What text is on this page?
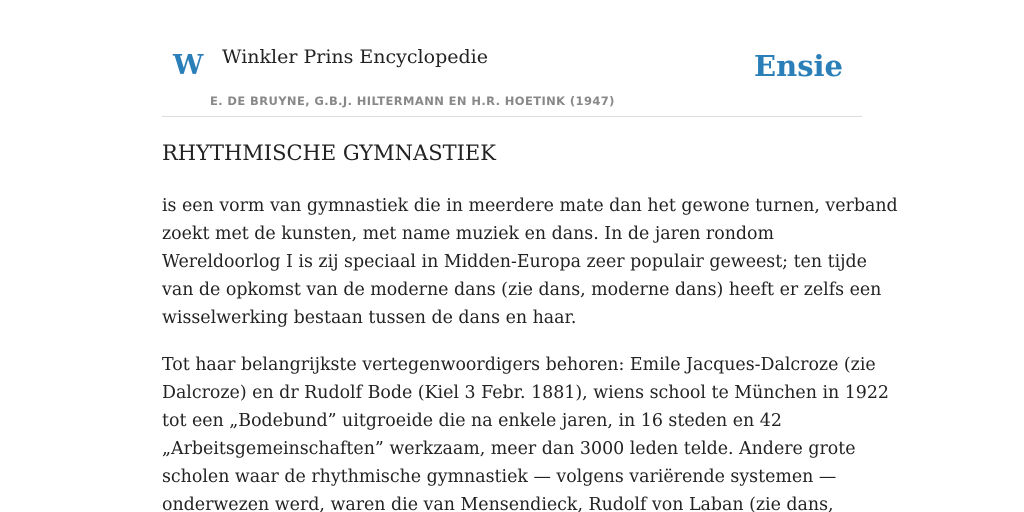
W Winkler Prins Encyclopedie
E. DE BRUYNE, G.B.J. HILTERMANN EN H.R. HOETINK (1947)
Ensie
RHYTHMISCHE GYMNASTIEK

is een vorm van gymnastiek die in meerdere mate dan het gewone turnen, verband
zoekt met de kunsten, met name muziek en dans. In de jaren rondom
Wereldoorlog I is zij speciaal in Midden-Europa zeer populair geweest; ten tijde
van de opkomst van de moderne dans (zie dans, moderne dans) heeft er zelfs een
wisselwerking bestaan tussen de dans en haar.

Tot haar belangrijkste vertegenwoordigers behoren: Emile Jacques-Dalcroze (zie
Dalcroze) en dr Rudolf Bode (Kiel 3 Febr. 1881), wiens school te München in 1922
tot een „Bodebund” uitgroeide die na enkele jaren, in 16 steden en 42
„Arbeitsgemeinschaften” werkzaam, meer dan 3000 leden telde. Andere grote
scholen waar de rhythmische gymnastiek — volgens variërende systemen —
onderwezen werd, waren die van Mensendieck, Rudolf von Laban (zie dans,
